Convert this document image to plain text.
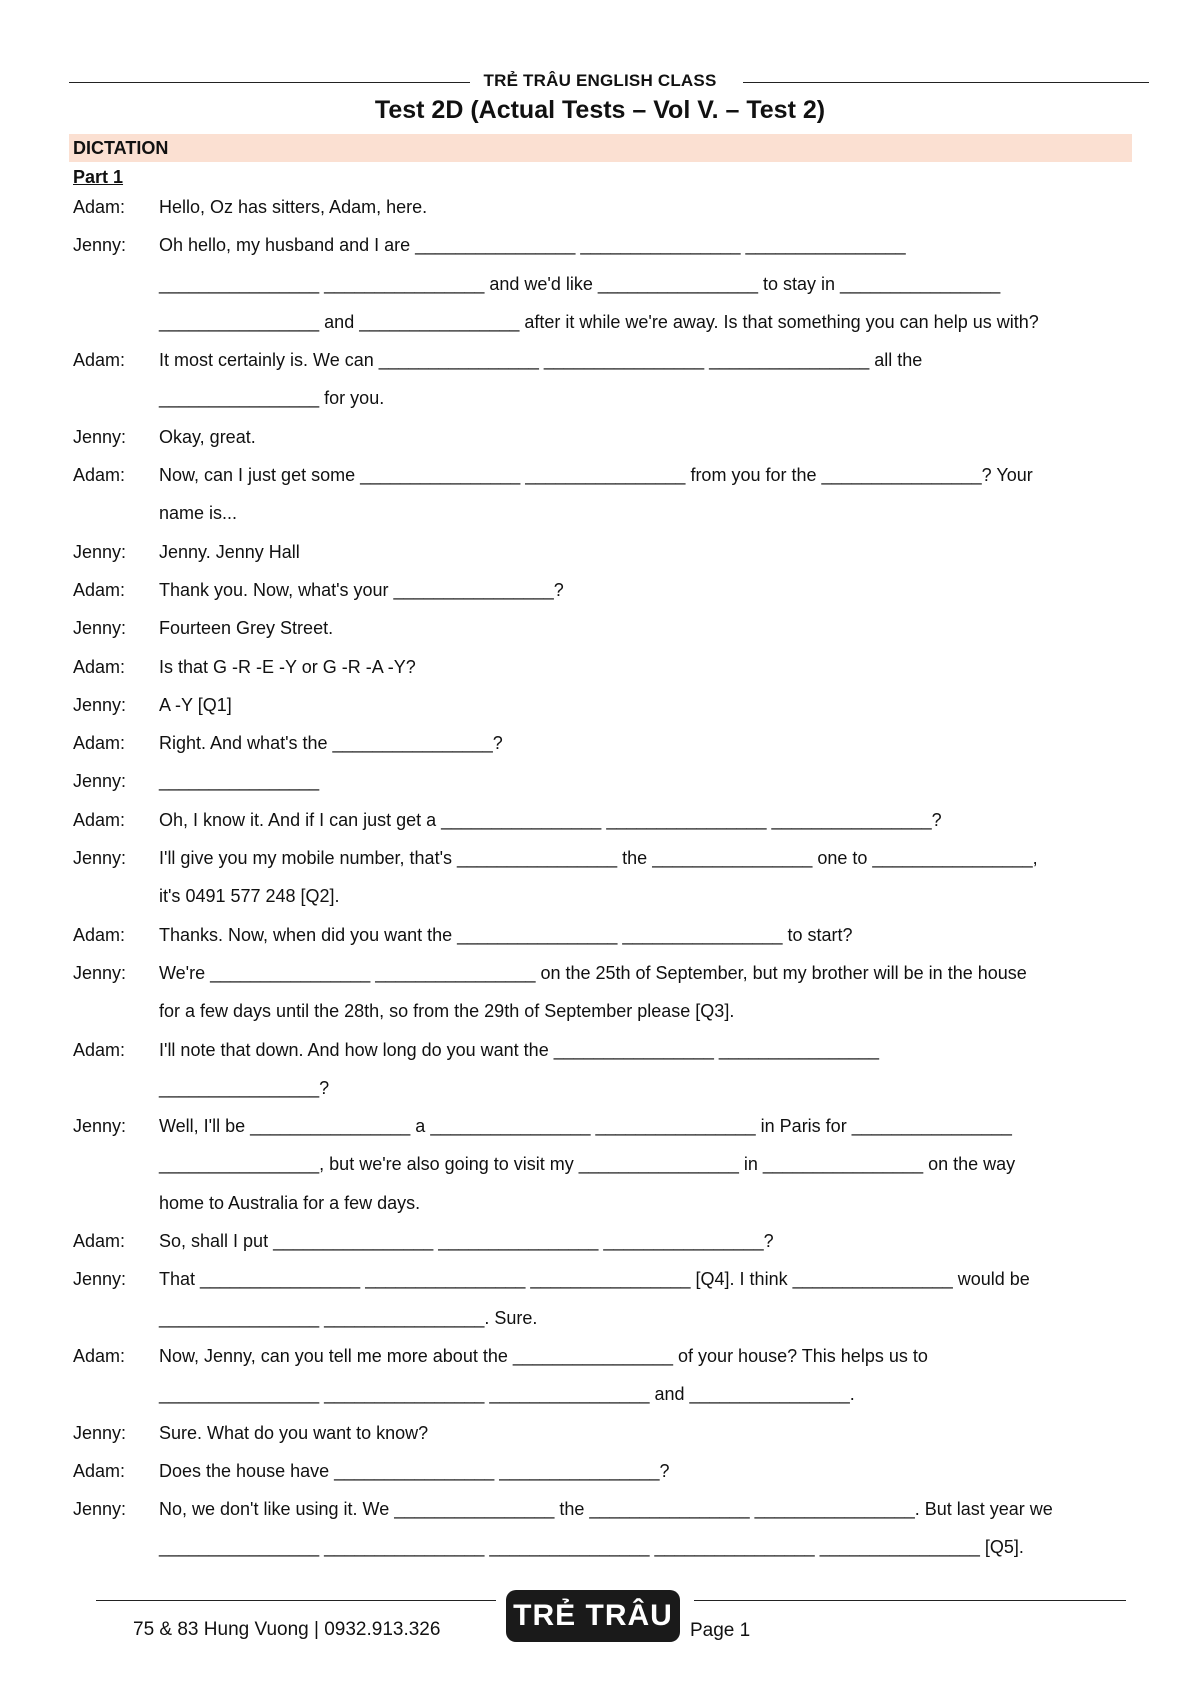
TRẺ TRÂU ENGLISH CLASS
Test 2D (Actual Tests – Vol V. – Test 2)
DICTATION
Part 1
Adam:	Hello, Oz has sitters, Adam, here.
Jenny:	Oh hello, my husband and I are ________________ ________________ ________________
________________ ________________ and we'd like ________________ to stay in ________________
________________ and ________________ after it while we're away. Is that something you can help us with?
Adam:	It most certainly is. We can ________________ ________________ ________________ all the
________________ for you.
Jenny:	Okay, great.
Adam:	Now, can I just get some ________________ ________________ from you for the ________________? Your
name is...
Jenny:	Jenny. Jenny Hall
Adam:	Thank you. Now, what's your ________________?
Jenny:	Fourteen Grey Street.
Adam:	Is that G -R -E -Y or G -R -A -Y?
Jenny:	A -Y [Q1]
Adam:	Right. And what's the ________________?
Jenny:	________________
Adam:	Oh, I know it. And if I can just get a ________________ ________________ ________________?
Jenny:	I'll give you my mobile number, that's ________________ the ________________ one to ________________,
it's 0491 577 248 [Q2].
Adam:	Thanks. Now, when did you want the ________________ ________________ to start?
Jenny:	We're ________________ ________________ on the 25th of September, but my brother will be in the house
for a few days until the 28th, so from the 29th of September please [Q3].
Adam:	I'll note that down. And how long do you want the ________________ ________________
________________?
Jenny:	Well, I'll be ________________ a ________________ ________________ in Paris for ________________
________________, but we're also going to visit my ________________ in ________________ on the way
home to Australia for a few days.
Adam:	So, shall I put ________________ ________________ ________________?
Jenny:	That ________________ ________________ ________________ [Q4]. I think ________________ would be
________________ ________________. Sure.
Adam:	Now, Jenny, can you tell me more about the ________________ of your house? This helps us to
________________ ________________ ________________ and ________________.
Jenny:	Sure. What do you want to know?
Adam:	Does the house have ________________ ________________?
Jenny:	No, we don't like using it. We ________________ the ________________ ________________. But last year we
________________ ________________ ________________ ________________ ________________ [Q5].
75 & 83 Hung Vuong | 0932.913.326 TRẺ TRÂU Page 1
